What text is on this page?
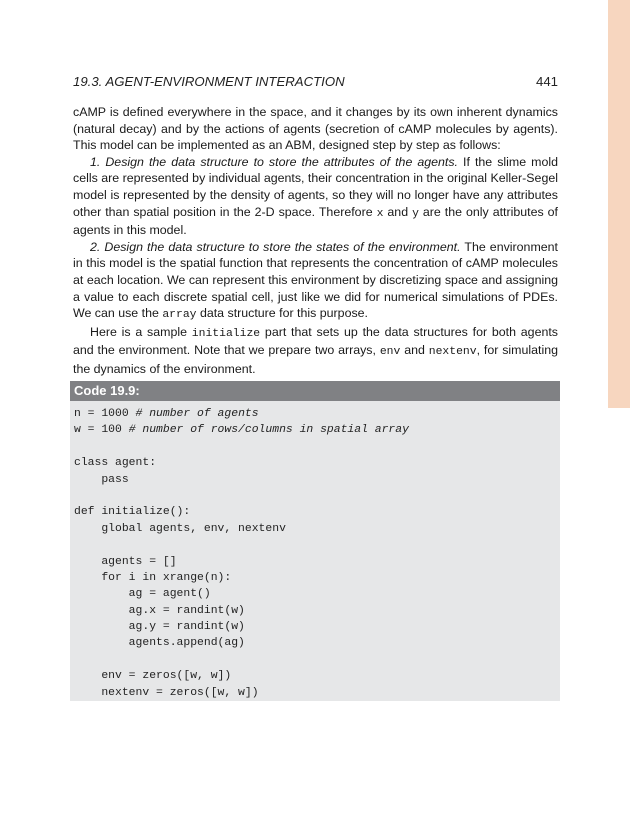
19.3. AGENT-ENVIRONMENT INTERACTION	441

cAMP is defined everywhere in the space, and it changes by its own inherent dynamics (natural decay) and by the actions of agents (secretion of cAMP molecules by agents). This model can be implemented as an ABM, designed step by step as follows:

1. Design the data structure to store the attributes of the agents. If the slime mold cells are represented by individual agents, their concentration in the original Keller-Segel model is represented by the density of agents, so they will no longer have any attributes other than spatial position in the 2-D space. Therefore x and y are the only attributes of agents in this model.

2. Design the data structure to store the states of the environment. The environment in this model is the spatial function that represents the concentration of cAMP molecules at each location. We can represent this environment by discretizing space and assigning a value to each discrete spatial cell, just like we did for numerical simulations of PDEs. We can use the array data structure for this purpose.

Here is a sample initialize part that sets up the data structures for both agents and the environment. Note that we prepare two arrays, env and nextenv, for simulating the dynamics of the environment.

Code 19.9:
n = 1000 # number of agents
w = 100 # number of rows/columns in spatial array
class agent:
pass
def initialize():
global agents, env, nextenv
agents = []
for i in xrange(n):
ag = agent()
ag.x = randint(w)
ag.y = randint(w)
agents.append(ag)
env = zeros([w, w])
nextenv = zeros([w, w])
